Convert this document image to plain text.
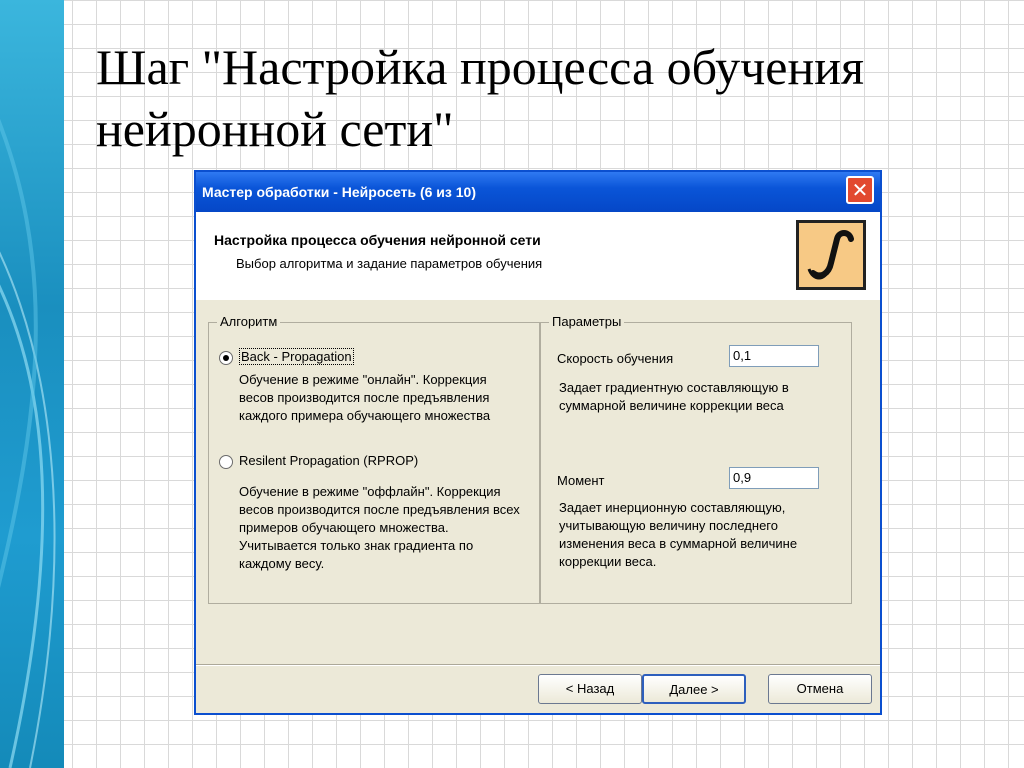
Шаг "Настройка процесса обучения
нейронной сети"
Мастер обработки - Нейросеть (6 из 10)	✕
Настройка процесса обучения нейронной сети
Выбор алгоритма и задание параметров обучения
Алгоритм
Back - Propagation
Обучение в режиме "онлайн". Коррекция весов производится после предъявления каждого примера обучающего множества
Resilent Propagation (RPROP)
Обучение в режиме "оффлайн". Коррекция весов производится после предъявления всех примеров обучающего множества. Учитывается только знак градиента по каждому весу.
Параметры
Скорость обучения	0,1
Задает градиентную составляющую в суммарной величине коррекции веса
Момент	0,9
Задает инерционную составляющую, учитывающую величину последнего изменения веса в суммарной величине коррекции веса.
< Назад	Далее >	Отмена
